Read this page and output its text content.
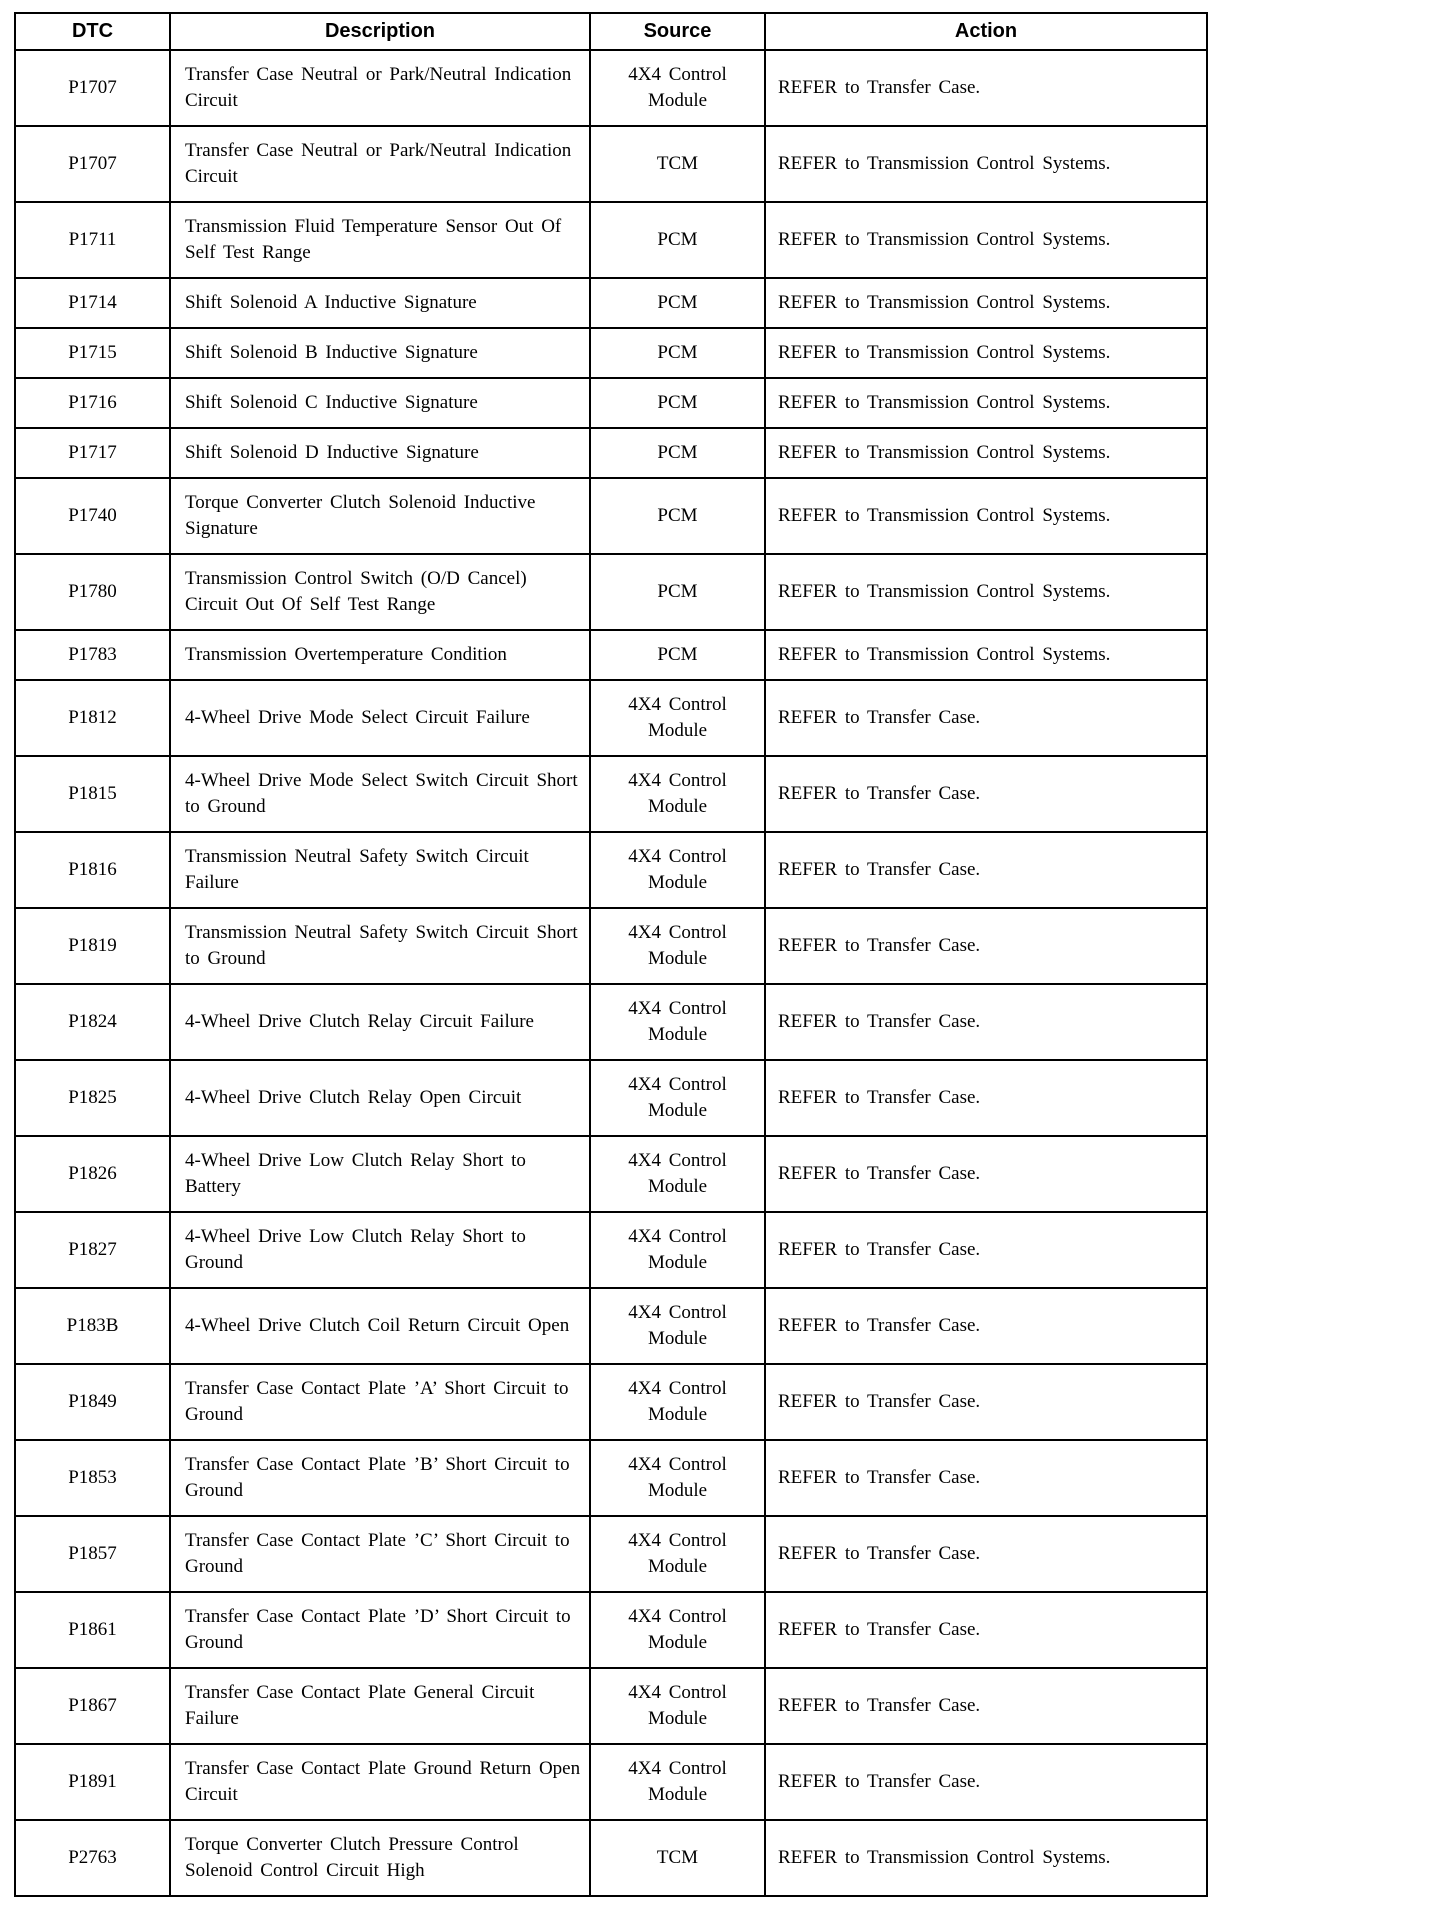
DTC	Description	Source	Action
P1707	Transfer Case Neutral or Park/Neutral Indication Circuit	4X4 Control Module	REFER to Transfer Case.
P1707	Transfer Case Neutral or Park/Neutral Indication Circuit	TCM	REFER to Transmission Control Systems.
P1711	Transmission Fluid Temperature Sensor Out Of Self Test Range	PCM	REFER to Transmission Control Systems.
P1714	Shift Solenoid A Inductive Signature	PCM	REFER to Transmission Control Systems.
P1715	Shift Solenoid B Inductive Signature	PCM	REFER to Transmission Control Systems.
P1716	Shift Solenoid C Inductive Signature	PCM	REFER to Transmission Control Systems.
P1717	Shift Solenoid D Inductive Signature	PCM	REFER to Transmission Control Systems.
P1740	Torque Converter Clutch Solenoid Inductive Signature	PCM	REFER to Transmission Control Systems.
P1780	Transmission Control Switch (O/D Cancel) Circuit Out Of Self Test Range	PCM	REFER to Transmission Control Systems.
P1783	Transmission Overtemperature Condition	PCM	REFER to Transmission Control Systems.
P1812	4-Wheel Drive Mode Select Circuit Failure	4X4 Control Module	REFER to Transfer Case.
P1815	4-Wheel Drive Mode Select Switch Circuit Short to Ground	4X4 Control Module	REFER to Transfer Case.
P1816	Transmission Neutral Safety Switch Circuit Failure	4X4 Control Module	REFER to Transfer Case.
P1819	Transmission Neutral Safety Switch Circuit Short to Ground	4X4 Control Module	REFER to Transfer Case.
P1824	4-Wheel Drive Clutch Relay Circuit Failure	4X4 Control Module	REFER to Transfer Case.
P1825	4-Wheel Drive Clutch Relay Open Circuit	4X4 Control Module	REFER to Transfer Case.
P1826	4-Wheel Drive Low Clutch Relay Short to Battery	4X4 Control Module	REFER to Transfer Case.
P1827	4-Wheel Drive Low Clutch Relay Short to Ground	4X4 Control Module	REFER to Transfer Case.
P183B	4-Wheel Drive Clutch Coil Return Circuit Open	4X4 Control Module	REFER to Transfer Case.
P1849	Transfer Case Contact Plate ’A’ Short Circuit to Ground	4X4 Control Module	REFER to Transfer Case.
P1853	Transfer Case Contact Plate ’B’ Short Circuit to Ground	4X4 Control Module	REFER to Transfer Case.
P1857	Transfer Case Contact Plate ’C’ Short Circuit to Ground	4X4 Control Module	REFER to Transfer Case.
P1861	Transfer Case Contact Plate ’D’ Short Circuit to Ground	4X4 Control Module	REFER to Transfer Case.
P1867	Transfer Case Contact Plate General Circuit Failure	4X4 Control Module	REFER to Transfer Case.
P1891	Transfer Case Contact Plate Ground Return Open Circuit	4X4 Control Module	REFER to Transfer Case.
P2763	Torque Converter Clutch Pressure Control Solenoid Control Circuit High	TCM	REFER to Transmission Control Systems.
